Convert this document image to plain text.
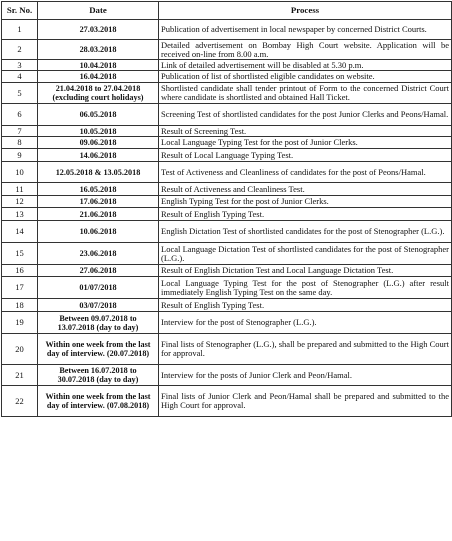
Sr. No.	Date	Process
1	27.03.2018	Publication of advertisement in local newspaper by concerned District Courts.
2	28.03.2018	Detailed advertisement on Bombay High Court website. Application will be received on-line from 8.00 a.m.
3	10.04.2018	Link of detailed advertisement will be disabled at 5.30 p.m.
4	16.04.2018	Publication of list of shortlisted eligible candidates on website.
5	21.04.2018 to 27.04.2018 (excluding court holidays)	Shortlisted candidate shall tender printout of Form to the concerned District Court where candidate is shortlisted and obtained Hall Ticket.
6	06.05.2018	Screening Test of shortlisted candidates for the post Junior Clerks and Peons/Hamal.
7	10.05.2018	Result of Screening Test.
8	09.06.2018	Local Language Typing Test for the post of Junior Clerks.
9	14.06.2018	Result of Local Language Typing Test.
10	12.05.2018 & 13.05.2018	Test of Activeness and Cleanliness of candidates for the post of Peons/Hamal.
11	16.05.2018	Result of Activeness and Cleanliness Test.
12	17.06.2018	English Typing Test for the post of Junior Clerks.
13	21.06.2018	Result of English Typing Test.
14	10.06.2018	English Dictation Test of shortlisted candidates for the post of Stenographer (L.G.).
15	23.06.2018	Local Language Dictation Test of shortlisted candidates for the post of Stenographer (L.G.).
16	27.06.2018	Result of English Dictation Test and Local Language Dictation Test.
17	01/07/2018	Local Language Typing Test for the post of Stenographer (L.G.) after result immediately English Typing Test on the same day.
18	03/07/2018	Result of English Typing Test.
19	Between 09.07.2018 to 13.07.2018 (day to day)	Interview for the post of Stenographer (L.G.).
20	Within one week from the last day of interview. (20.07.2018)	Final lists of Stenographer (L.G.), shall be prepared and submitted to the High Court for approval.
21	Between 16.07.2018 to 30.07.2018 (day to day)	Interview for the posts of Junior Clerk and Peon/Hamal.
22	Within one week from the last day of interview. (07.08.2018)	Final lists of Junior Clerk and Peon/Hamal shall be prepared and submitted to the High Court for approval.
